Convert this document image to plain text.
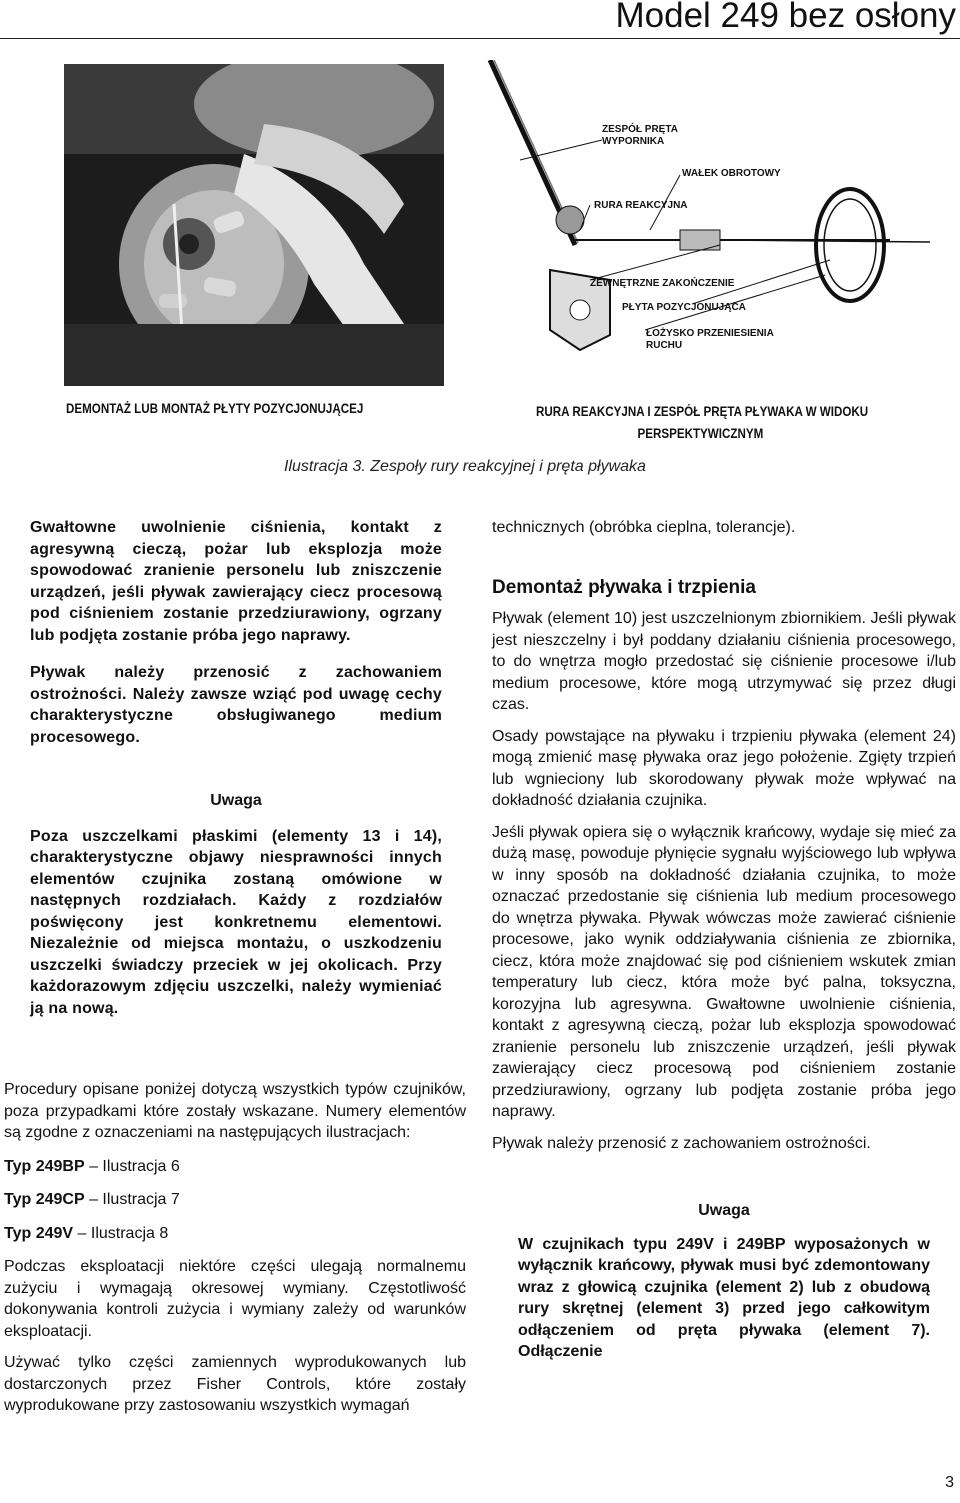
Model 249 bez osłony
ZESPÓŁ PRĘTA
WYPORNIKA
WAŁEK OBROTOWY
RURA REAKCYJNA
ZEWNĘTRZNE ZAKOŃCZENIE
PŁYTA POZYCJONUJĄCA
ŁOŻYSKO PRZENIESIENIA
RUCHU
DEMONTAŻ LUB MONTAŻ PŁYTY POZYCJONUJĄCEJ	RURA REAKCYJNA I ZESPÓŁ PRĘTA PŁYWAKA W WIDOKU
PERSPEKTYWICZNYM
Ilustracja 3. Zespoły rury reakcyjnej i pręta pływaka

Gwałtowne uwolnienie ciśnienia, kontakt z agresywną cieczą, pożar lub eksplozja może spowodować zranienie personelu lub zniszczenie urządzeń, jeśli pływak zawierający ciecz procesową pod ciśnieniem zostanie przedziurawiony, ogrzany lub podjęta zostanie próba jego naprawy.

Pływak należy przenosić z zachowaniem ostrożności. Należy zawsze wziąć pod uwagę cechy charakterystyczne obsługiwanego medium procesowego.

Uwaga

Poza uszczelkami płaskimi (elementy 13 i 14), charakterystyczne objawy niesprawności innych elementów czujnika zostaną omówione w następnych rozdziałach. Każdy z rozdziałów poświęcony jest konkretnemu elementowi. Niezależnie od miejsca montażu, o uszkodzeniu uszczelki świadczy przeciek w jej okolicach. Przy każdorazowym zdjęciu uszczelki, należy wymieniać ją na nową.

Procedury opisane poniżej dotyczą wszystkich typów czujników, poza przypadkami które zostały wskazane. Numery elementów są zgodne z oznaczeniami na następujących ilustracjach:

Typ 249BP – Ilustracja 6
Typ 249CP – Ilustracja 7
Typ 249V – Ilustracja 8

Podczas eksploatacji niektóre części ulegają normalnemu zużyciu i wymagają okresowej wymiany. Częstotliwość dokonywania kontroli zużycia i wymiany zależy od warunków eksploatacji.

Używać tylko części zamiennych wyprodukowanych lub dostarczonych przez Fisher Controls, które zostały wyprodukowane przy zastosowaniu wszystkich wymagań

technicznych (obróbka cieplna, tolerancje).

Demontaż pływaka i trzpienia

Pływak (element 10) jest uszczelnionym zbiornikiem. Jeśli pływak jest nieszczelny i był poddany działaniu ciśnienia procesowego, to do wnętrza mogło przedostać się ciśnienie procesowe i/lub medium procesowe, które mogą utrzymywać się przez długi czas.

Osady powstające na pływaku i trzpieniu pływaka (element 24) mogą zmienić masę pływaka oraz jego położenie. Zgięty trzpień lub wgnieciony lub skorodowany pływak może wpływać na dokładność działania czujnika.

Jeśli pływak opiera się o wyłącznik krańcowy, wydaje się mieć za dużą masę, powoduje płynięcie sygnału wyjściowego lub wpływa w inny sposób na dokładność działania czujnika, to może oznaczać przedostanie się ciśnienia lub medium procesowego do wnętrza pływaka. Pływak wówczas może zawierać ciśnienie procesowe, jako wynik oddziaływania ciśnienia ze zbiornika, ciecz, która może znajdować się pod ciśnieniem wskutek zmian temperatury lub ciecz, która może być palna, toksyczna, korozyjna lub agresywna. Gwałtowne uwolnienie ciśnienia, kontakt z agresywną cieczą, pożar lub eksplozja spowodować zranienie personelu lub zniszczenie urządzeń, jeśli pływak zawierający ciecz procesową pod ciśnieniem zostanie przedziurawiony, ogrzany lub podjęta zostanie próba jego naprawy.

Pływak należy przenosić z zachowaniem ostrożności.

Uwaga

W czujnikach typu 249V i 249BP wyposażonych w wyłącznik krańcowy, pływak musi być zdemontowany wraz z głowicą czujnika (element 2) lub z obudową rury skrętnej (element 3) przed jego całkowitym odłączeniem od pręta pływaka (element 7). Odłączenie

3
